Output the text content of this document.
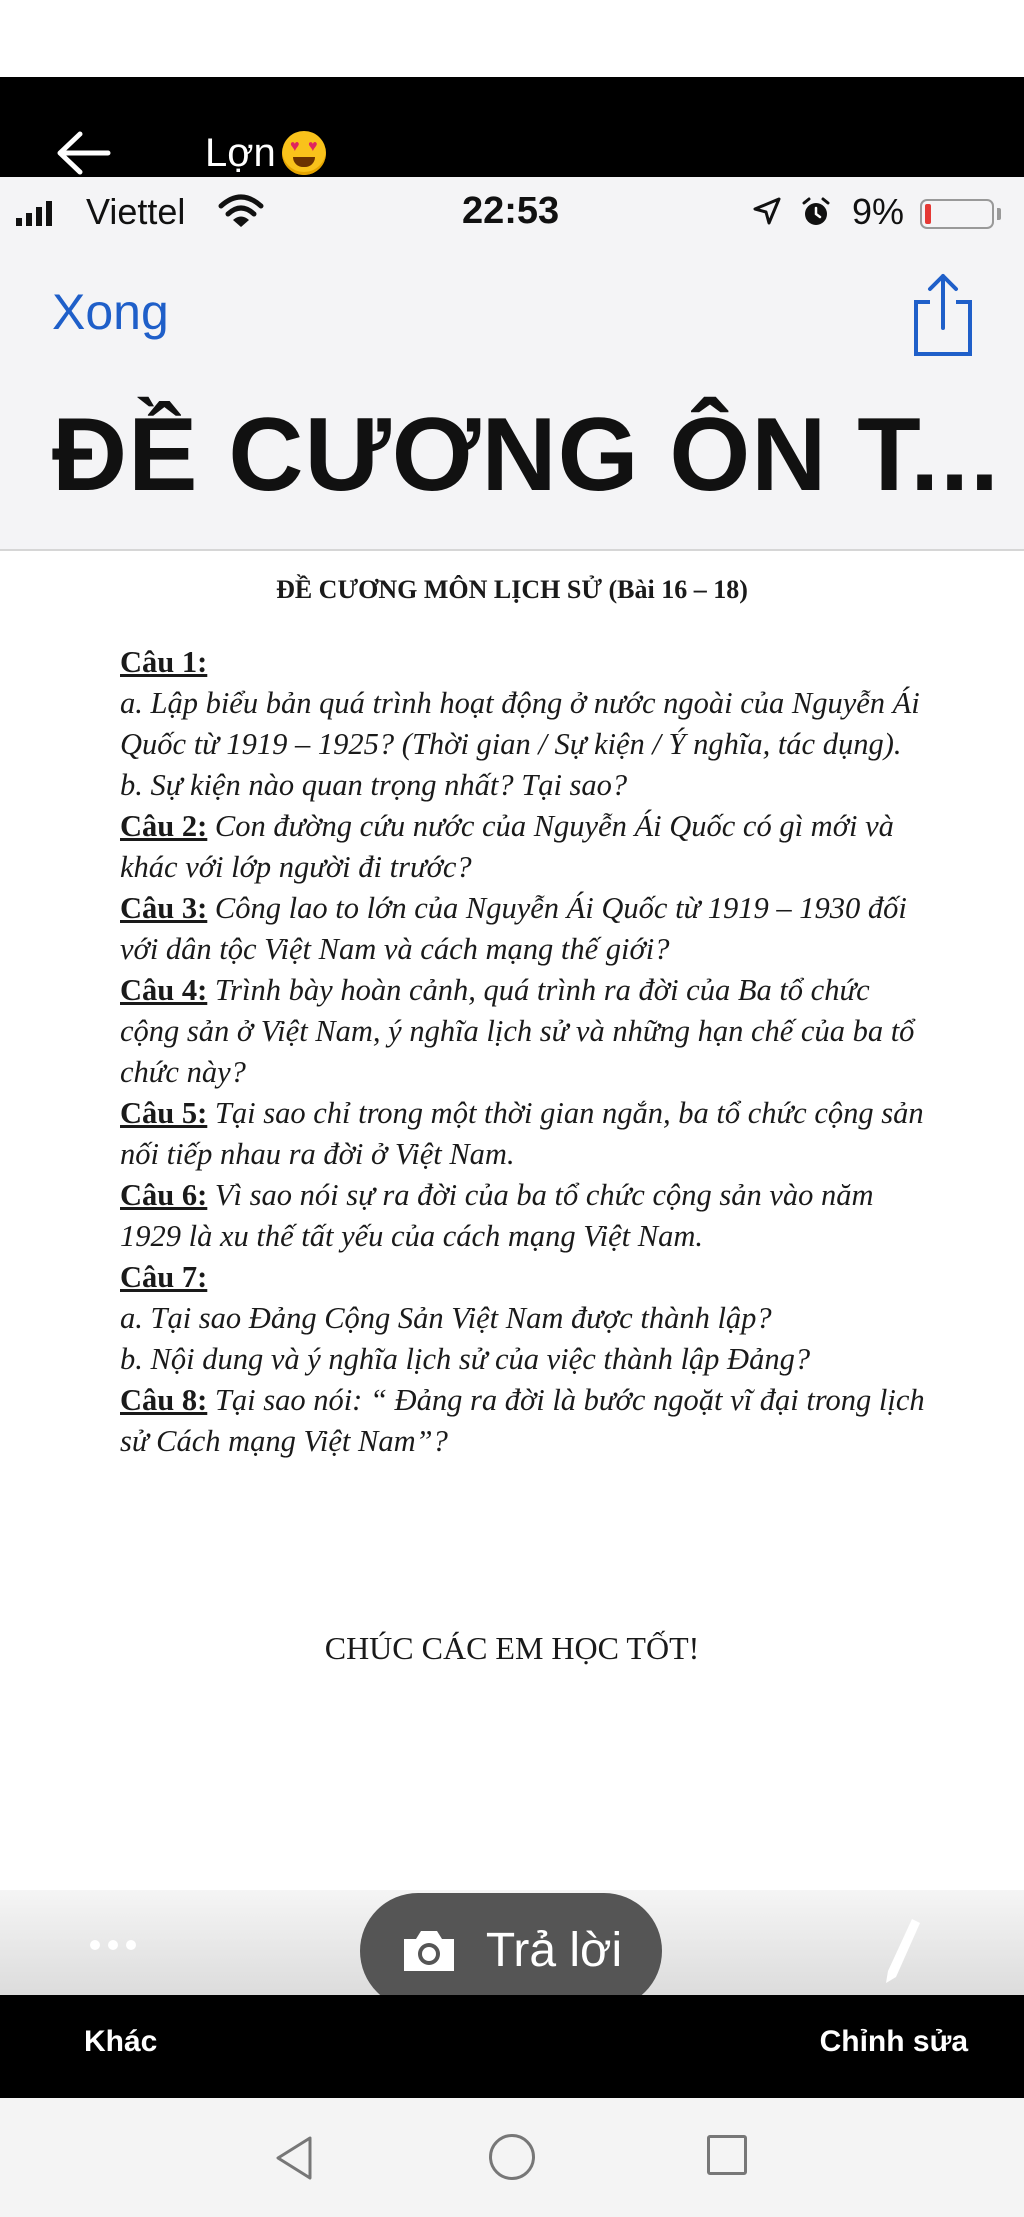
Lợn ♥ ♥
Viettel	22:53	9%
Xong
ĐỀ CƯƠNG ÔN T...
ĐỀ CƯƠNG MÔN LỊCH SỬ (Bài 16 – 18)

Câu 1:

a. Lập biểu bản quá trình hoạt động ở nước ngoài của Nguyễn Ái Quốc từ 1919 – 1925? (Thời gian / Sự kiện / Ý nghĩa, tác dụng).

b. Sự kiện nào quan trọng nhất? Tại sao?

Câu 2: Con đường cứu nước của Nguyễn Ái Quốc có gì mới và khác với lớp người đi trước?

Câu 3: Công lao to lớn của Nguyễn Ái Quốc từ 1919 – 1930 đối với dân tộc Việt Nam và cách mạng thế giới?

Câu 4: Trình bày hoàn cảnh, quá trình ra đời của Ba tổ chức cộng sản ở Việt Nam, ý nghĩa lịch sử và những hạn chế của ba tổ chức này?

Câu 5: Tại sao chỉ trong một thời gian ngắn, ba tổ chức cộng sản nối tiếp nhau ra đời ở Việt Nam.

Câu 6: Vì sao nói sự ra đời của ba tổ chức cộng sản vào năm 1929 là xu thế tất yếu của cách mạng Việt Nam.

Câu 7:

a. Tại sao Đảng Cộng Sản Việt Nam được thành lập?

b. Nội dung và ý nghĩa lịch sử của việc thành lập Đảng?

Câu 8: Tại sao nói: “ Đảng ra đời là bước ngoặt vĩ đại trong lịch sử Cách mạng Việt Nam”?

CHÚC CÁC EM HỌC TỐT!
Trả lời
Khác	Chỉnh sửa
